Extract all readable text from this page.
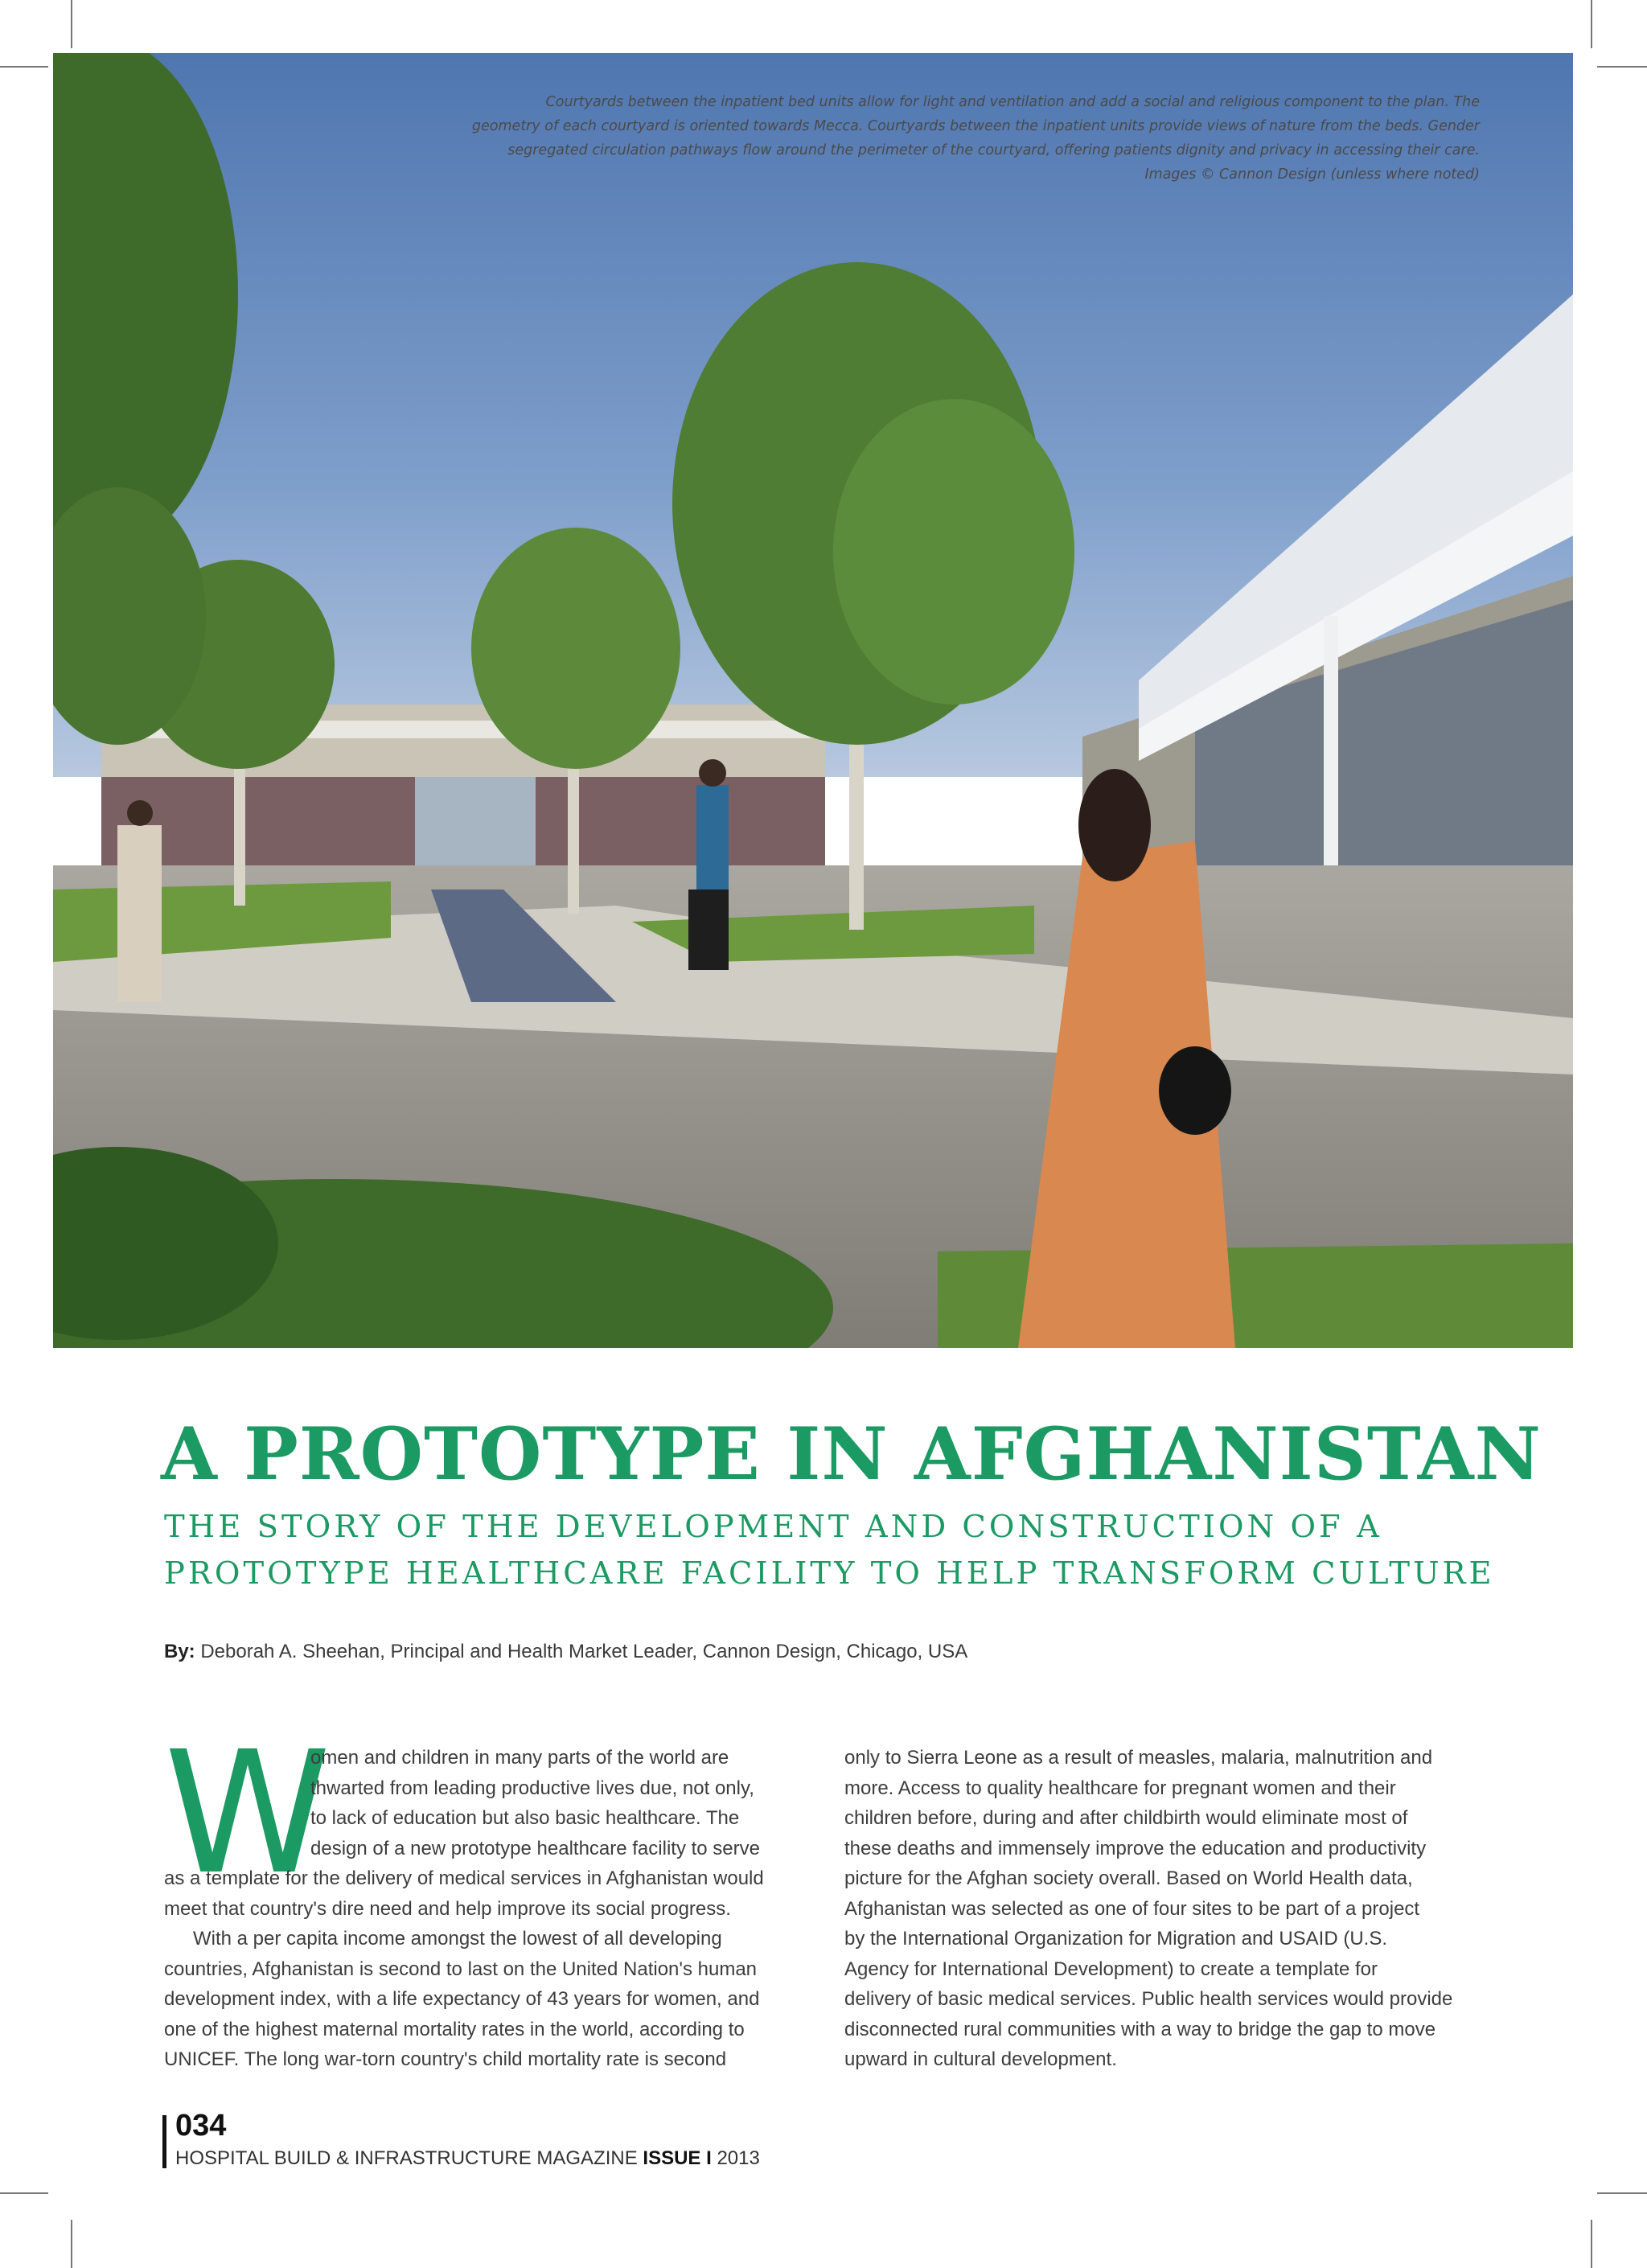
Courtyards between the inpatient bed units allow for light and ventilation and add a social and religious component to the plan. The
geometry of each courtyard is oriented towards Mecca. Courtyards between the inpatient units provide views of nature from the beds. Gender
segregated circulation pathways flow around the perimeter of the courtyard, offering patients dignity and privacy in accessing their care.
Images © Cannon Design (unless where noted)
A PROTOTYPE IN AFGHANISTAN
THE STORY OF THE DEVELOPMENT AND CONSTRUCTION OF A
PROTOTYPE HEALTHCARE FACILITY TO HELP TRANSFORM CULTURE
By: Deborah A. Sheehan, Principal and Health Market Leader, Cannon Design, Chicago, USA
W
omen and children in many parts of the world are
thwarted from leading productive lives due, not only,
to lack of education but also basic healthcare. The
design of a new prototype healthcare facility to serve
as a template for the delivery of medical services in Afghanistan would
meet that country's dire need and help improve its social progress.
With a per capita income amongst the lowest of all developing
countries, Afghanistan is second to last on the United Nation's human
development index, with a life expectancy of 43 years for women, and
one of the highest maternal mortality rates in the world, according to
UNICEF. The long war-torn country's child mortality rate is second
only to Sierra Leone as a result of measles, malaria, malnutrition and
more. Access to quality healthcare for pregnant women and their
children before, during and after childbirth would eliminate most of
these deaths and immensely improve the education and productivity
picture for the Afghan society overall. Based on World Health data,
Afghanistan was selected as one of four sites to be part of a project
by the International Organization for Migration and USAID (U.S.
Agency for International Development) to create a template for
delivery of basic medical services. Public health services would provide
disconnected rural communities with a way to bridge the gap to move
upward in cultural development.
034
HOSPITAL BUILD & INFRASTRUCTURE MAGAZINE ISSUE I 2013
